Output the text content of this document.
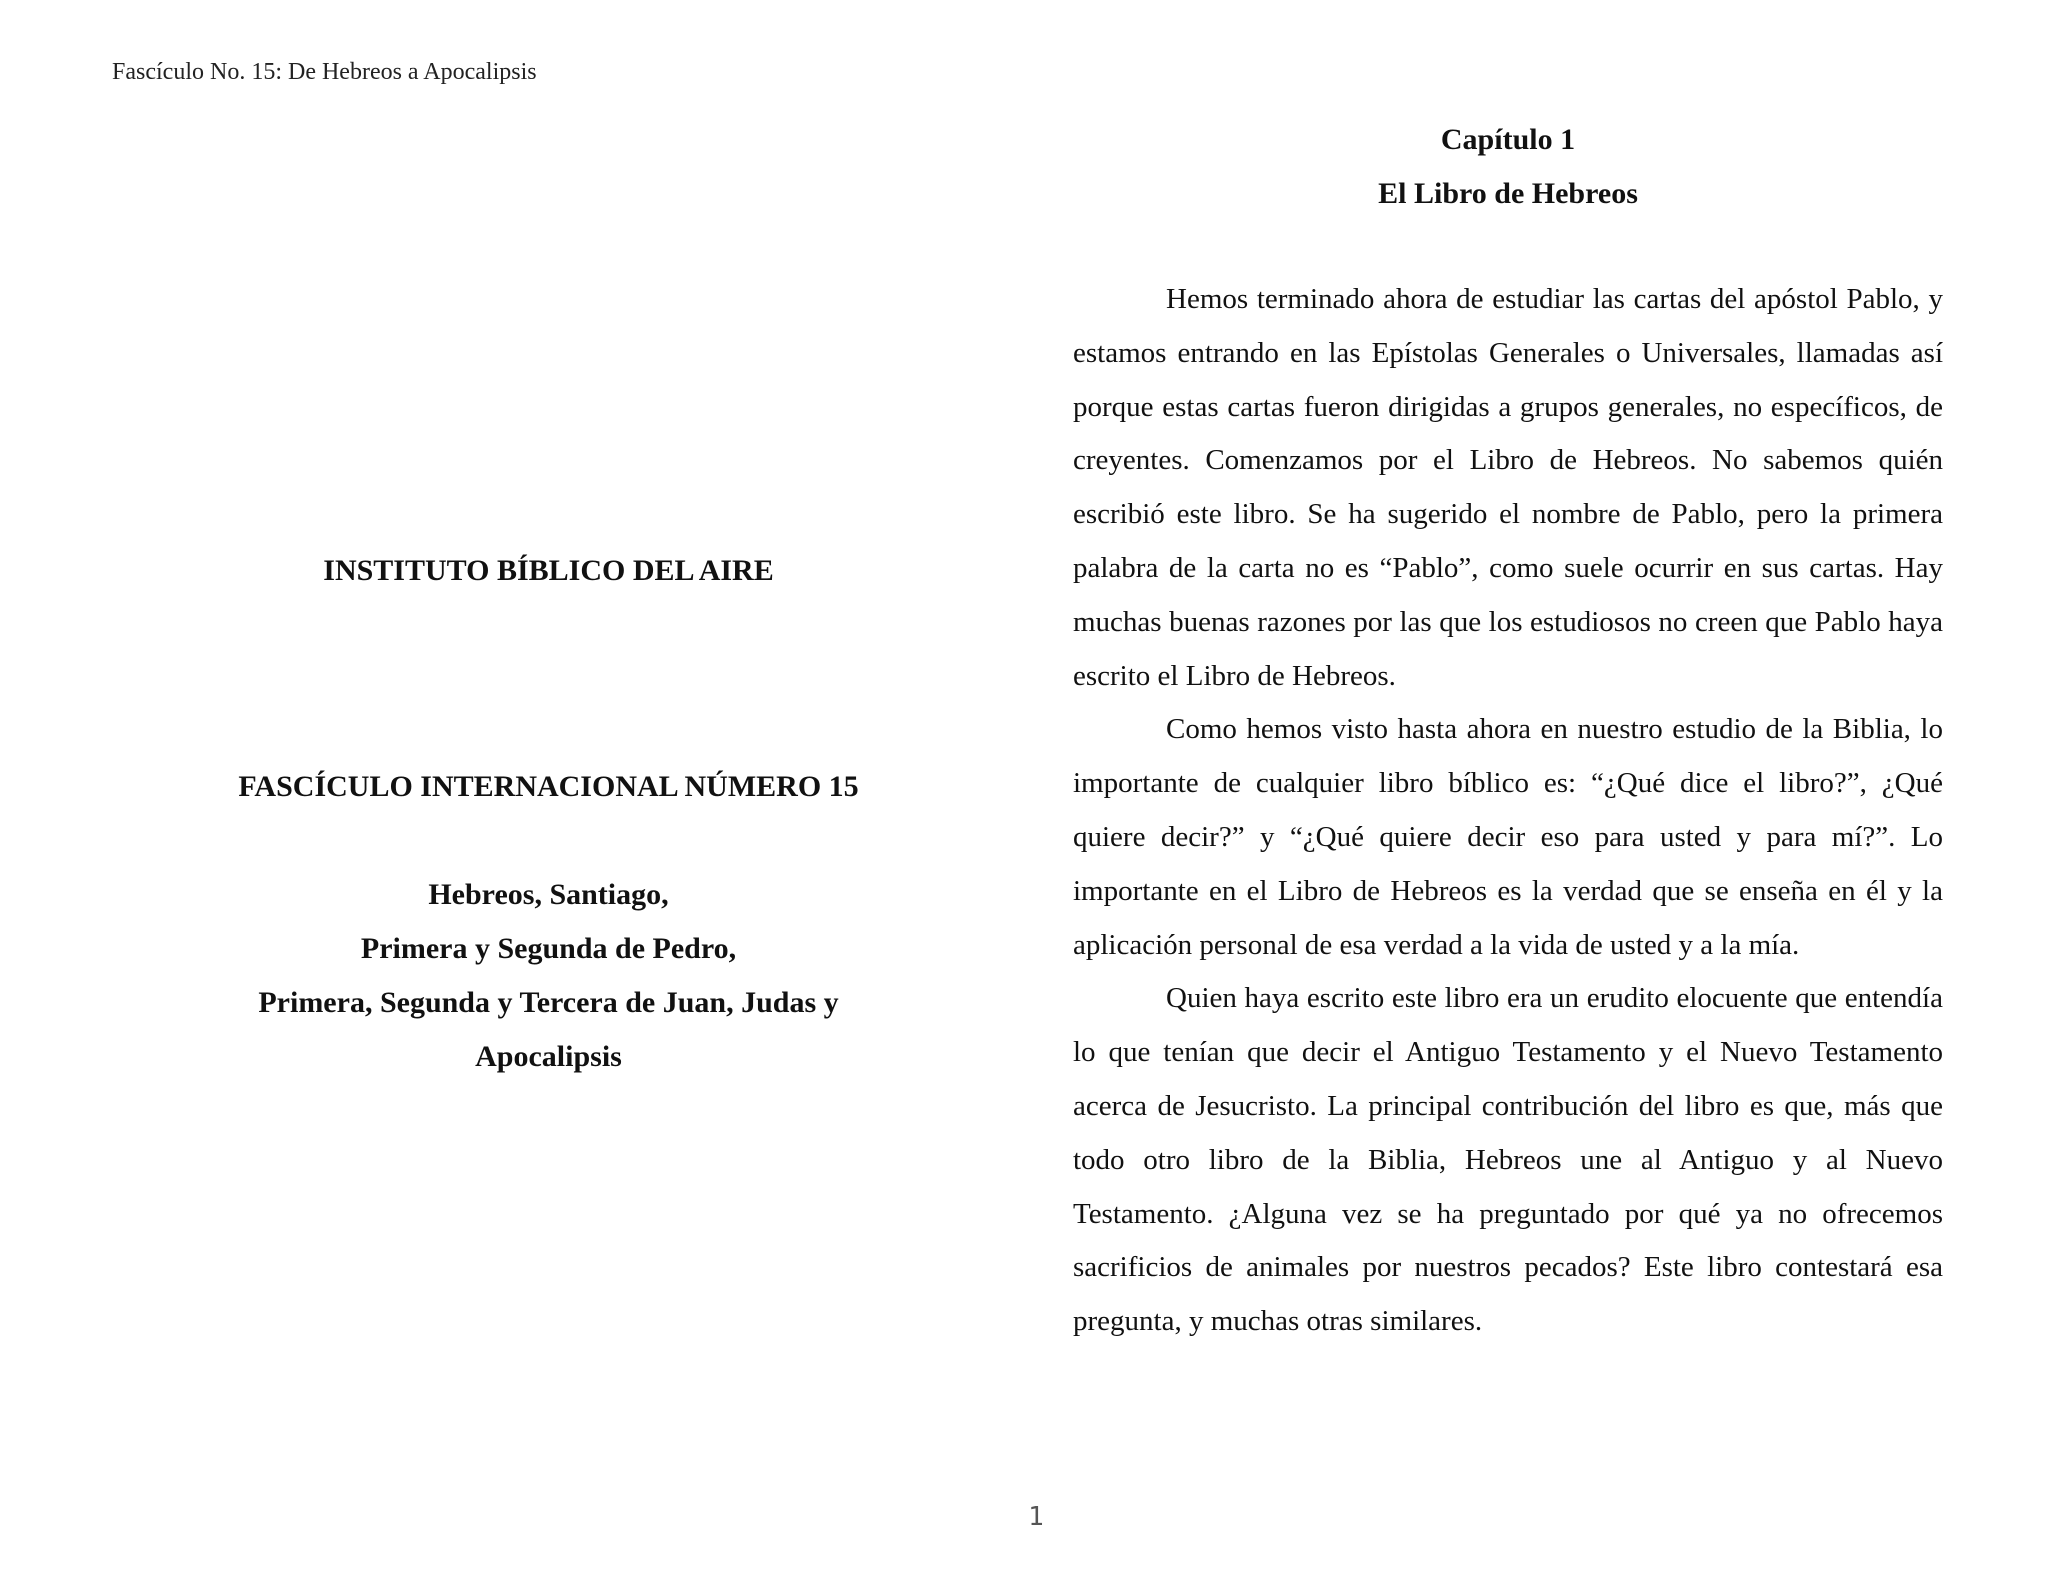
Fascículo No. 15: De Hebreos a Apocalipsis
INSTITUTO BÍBLICO DEL AIRE
FASCÍCULO INTERNACIONAL NÚMERO 15
Hebreos, Santiago,
Primera y Segunda de Pedro,
Primera, Segunda y Tercera de Juan, Judas y
Apocalipsis
Capítulo 1
El Libro de Hebreos

Hemos terminado ahora de estudiar las cartas del apóstol Pablo, y estamos entrando en las Epístolas Generales o Universales, llamadas así porque estas cartas fueron dirigidas a grupos generales, no específicos, de creyentes. Comenzamos por el Libro de Hebreos. No sabemos quién escribió este libro. Se ha sugerido el nombre de Pablo, pero la primera palabra de la carta no es “Pablo”, como suele ocurrir en sus cartas. Hay muchas buenas razones por las que los estudiosos no creen que Pablo haya escrito el Libro de Hebreos.

Como hemos visto hasta ahora en nuestro estudio de la Biblia, lo importante de cualquier libro bíblico es: “¿Qué dice el libro?”, ¿Qué quiere decir?” y “¿Qué quiere decir eso para usted y para mí?”. Lo importante en el Libro de Hebreos es la verdad que se enseña en él y la aplicación personal de esa verdad a la vida de usted y a la mía.

Quien haya escrito este libro era un erudito elocuente que entendía lo que tenían que decir el Antiguo Testamento y el Nuevo Testamento acerca de Jesucristo. La principal contribución del libro es que, más que todo otro libro de la Biblia, Hebreos une al Antiguo y al Nuevo Testamento. ¿Alguna vez se ha preguntado por qué ya no ofrecemos sacrificios de animales por nuestros pecados? Este libro contestará esa pregunta, y muchas otras similares.

1
